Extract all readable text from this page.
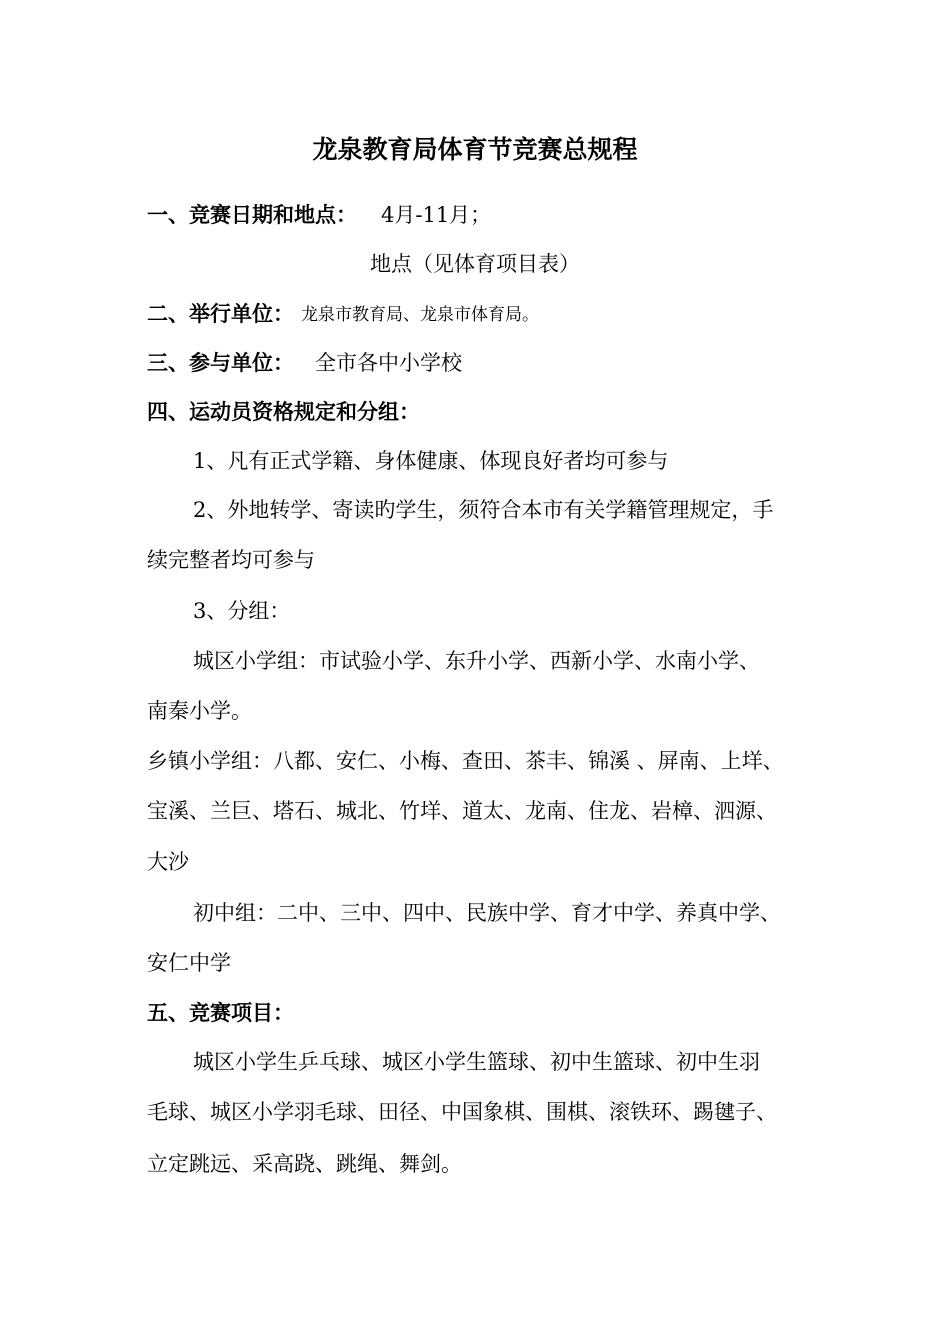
龙泉教育局体育节竞赛总规程
一、竞赛日期和地点： 4月-11月；
地点（见体育项目表）
二、举行单位： 龙泉市教育局、龙泉市体育局。
三、参与单位： 全市各中小学校
四、运动员资格规定和分组：
1、凡有正式学籍、身体健康、体现良好者均可参与
2、外地转学、寄读旳学生，须符合本市有关学籍管理规定，手
续完整者均可参与
3、分组：
城区小学组：市试验小学、东升小学、西新小学、水南小学、
南秦小学。
乡镇小学组：八都、安仁、小梅、查田、茶丰、锦溪 、屏南、上垟、
宝溪、兰巨、塔石、城北、竹垟、道太、龙南、住龙、岩樟、泗源、
大沙
初中组：二中、三中、四中、民族中学、育才中学、养真中学、
安仁中学
五、竞赛项目：
城区小学生乒乓球、城区小学生篮球、初中生篮球、初中生羽
毛球、城区小学羽毛球、田径、中国象棋、围棋、滚铁环、踢毽子、
立定跳远、采高跷、跳绳、舞剑。
